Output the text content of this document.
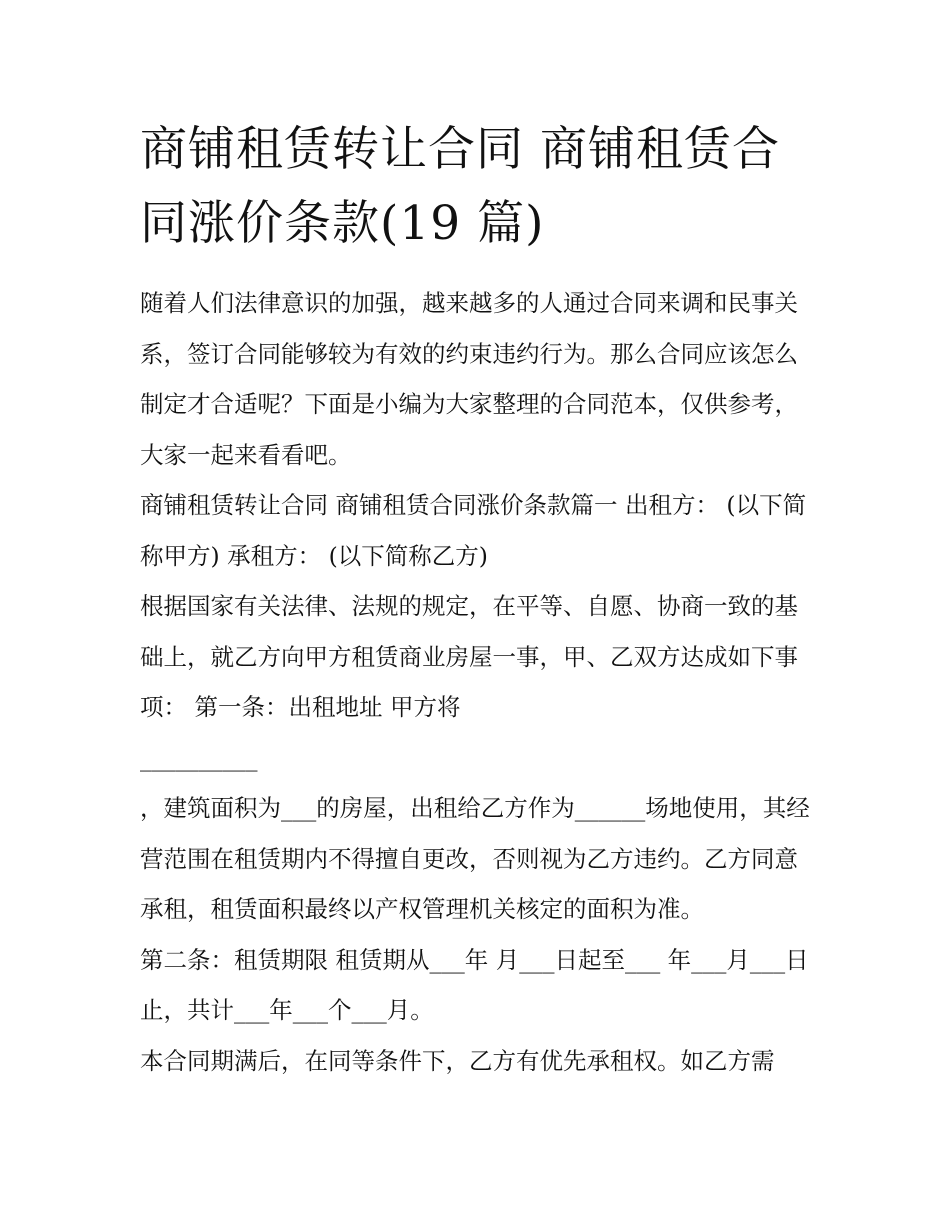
商铺租赁转让合同 商铺租赁合同涨价条款(19 篇)

随着人们法律意识的加强，越来越多的人通过合同来调和民事关系，签订合同能够较为有效的约束违约行为。那么合同应该怎么制定才合适呢？下面是小编为大家整理的合同范本，仅供参考，大家一起来看看吧。

商铺租赁转让合同 商铺租赁合同涨价条款篇一 出租方： (以下简称甲方) 承租方： (以下简称乙方)

根据国家有关法律、法规的规定，在平等、自愿、协商一致的基础上，就乙方向甲方租赁商业房屋一事，甲、乙双方达成如下事项： 第一条：出租地址 甲方将

__________

，建筑面积为___的房屋，出租给乙方作为______场地使用，其经营范围在租赁期内不得擅自更改，否则视为乙方违约。乙方同意承租，租赁面积最终以产权管理机关核定的面积为准。

第二条：租赁期限 租赁期从___年 月___日起至___ 年___月___日止，共计___年___个___月。

本合同期满后，在同等条件下，乙方有优先承租权。如乙方需
